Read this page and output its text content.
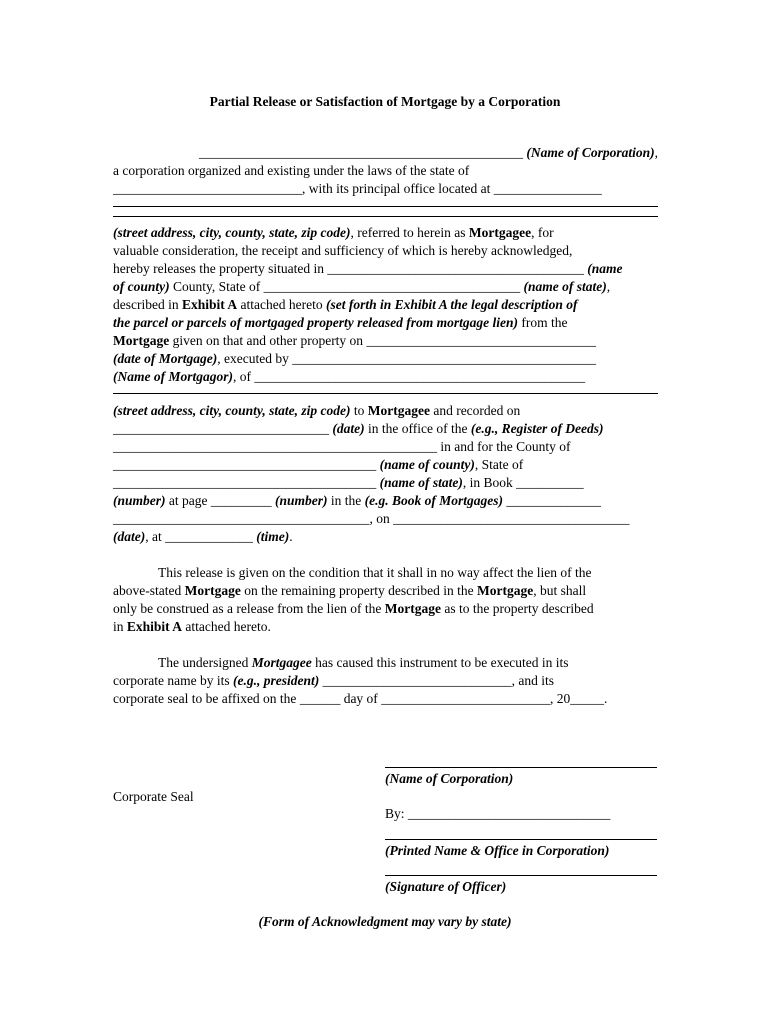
Partial Release or Satisfaction of Mortgage by a Corporation
________________________________________________ (Name of Corporation),
a corporation organized and existing under the laws of the state of
____________________________, with its principal office located at ________________
(street address, city, county, state, zip code), referred to herein as Mortgagee, for
valuable consideration, the receipt and sufficiency of which is hereby acknowledged,
hereby releases the property situated in ______________________________________ (name
of county) County, State of ______________________________________ (name of state),
described in Exhibit A attached hereto (set forth in Exhibit A the legal description of
the parcel or parcels of mortgaged property released from mortgage lien) from the
Mortgage given on that and other property on __________________________________
(date of Mortgage), executed by _____________________________________________
(Name of Mortgagor), of _________________________________________________
(street address, city, county, state, zip code) to Mortgagee and recorded on
________________________________ (date) in the office of the (e.g., Register of Deeds)
________________________________________________ in and for the County of
_______________________________________ (name of county), State of
_______________________________________ (name of state), in Book __________
(number) at page _________ (number) in the (e.g. Book of Mortgages) ______________
______________________________________, on ___________________________________
(date), at _____________ (time).
This release is given on the condition that it shall in no way affect the lien of the
above-stated Mortgage on the remaining property described in the Mortgage, but shall
only be construed as a release from the lien of the Mortgage as to the property described
in Exhibit A attached hereto.
The undersigned Mortgagee has caused this instrument to be executed in its
corporate name by its (e.g., president) ____________________________, and its
corporate seal to be affixed on the ______ day of _________________________, 20_____.
(Name of Corporation)
Corporate Seal
By: ______________________________
(Printed Name & Office in Corporation)
(Signature of Officer)
(Form of Acknowledgment may vary by state)
